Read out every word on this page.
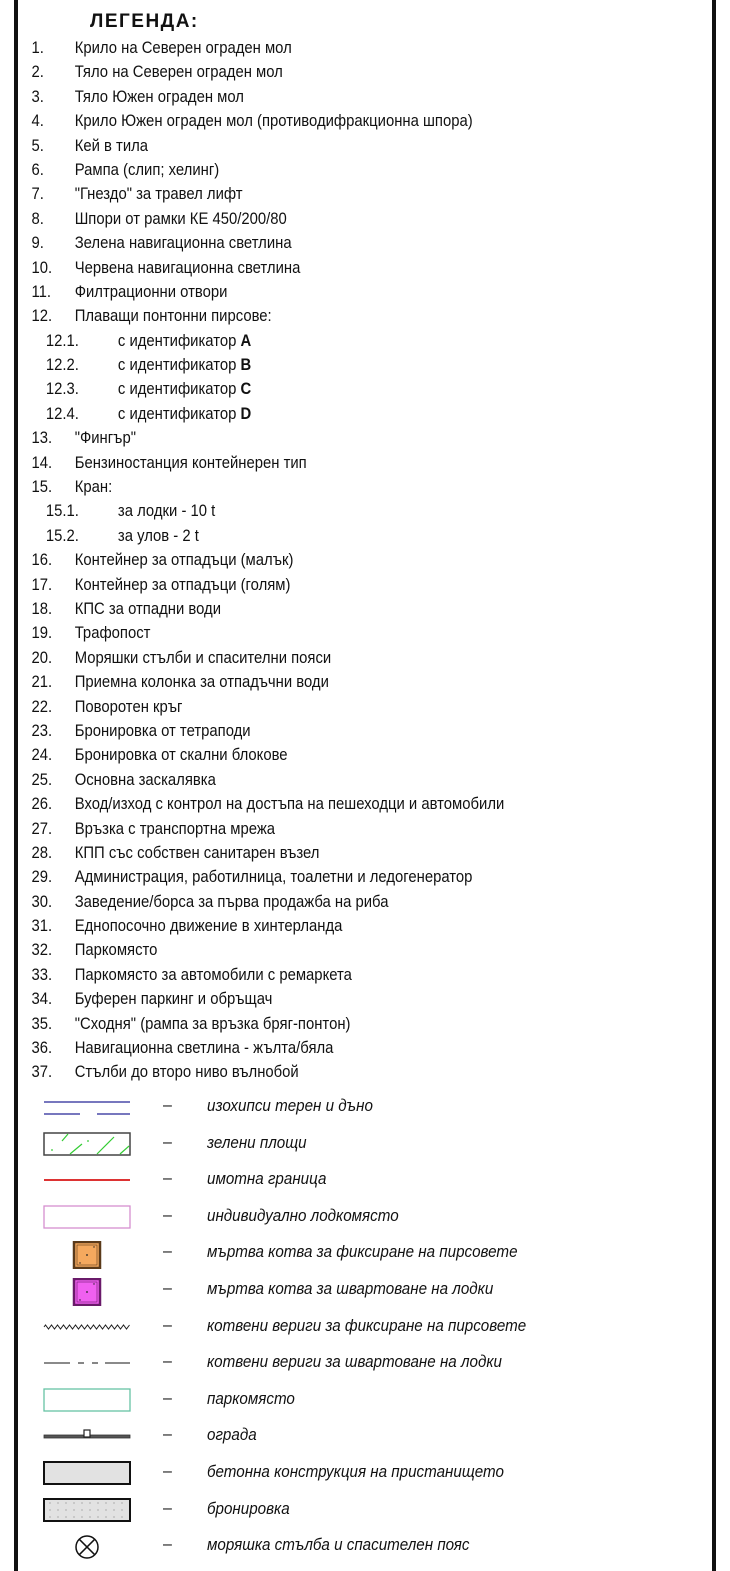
ЛЕГЕНДА:
1. Крило на Северен ограден мол
2. Тяло на Северен ограден мол
3. Тяло Южен ограден мол
4. Крило Южен ограден мол (противодифракционна шпора)
5. Кей в тила
6. Рампа (слип; хелинг)
7. "Гнездо" за травел лифт
8. Шпори от рамки КЕ 450/200/80
9. Зелена навигационна светлина
10. Червена навигационна светлина
11. Филтрационни отвори
12. Плаващи понтонни пирсове:
12.1. с идентификатор A
12.2. с идентификатор B
12.3. с идентификатор C
12.4. с идентификатор D
13. "Фингър"
14. Бензиностанция контейнерен тип
15. Кран:
15.1. за лодки - 10 t
15.2. за улов - 2 t
16. Контейнер за отпадъци (малък)
17. Контейнер за отпадъци (голям)
18. КПС за отпадни води
19. Трафопост
20. Моряшки стълби и спасителни пояси
21. Приемна колонка за отпадъчни води
22. Поворотен кръг
23. Бронировка от тетраподи
24. Бронировка от скални блокове
25. Основна заскалявка
26. Вход/изход с контрол на достъпа на пешеходци и автомобили
27. Връзка с транспортна мрежа
28. КПП със собствен санитарен възел
29. Администрация, работилница, тоалетни и ледогенератор
30. Заведение/борса за първа продажба на риба
31. Еднопосочно движение в хинтерланда
32. Паркомясто
33. Паркомясто за автомобили с ремаркета
34. Буферен паркинг и обръщач
35. "Сходня" (рампа за връзка бряг-понтон)
36. Навигационна светлина - жълта/бяла
37. Стълби до второ ниво вълнобой
– изохипси терен и дъно
– зелени площи
– имотна граница
– индивидуално лодкомясто
– мъртва котва за фиксиране на пирсовете
– мъртва котва за швартоване на лодки
– котвени вериги за фиксиране на пирсовете
– котвени вериги за швартоване на лодки
– паркомясто
– ограда
– бетонна конструкция на пристанището
– бронировка
– моряшка стълба и спасителен пояс
